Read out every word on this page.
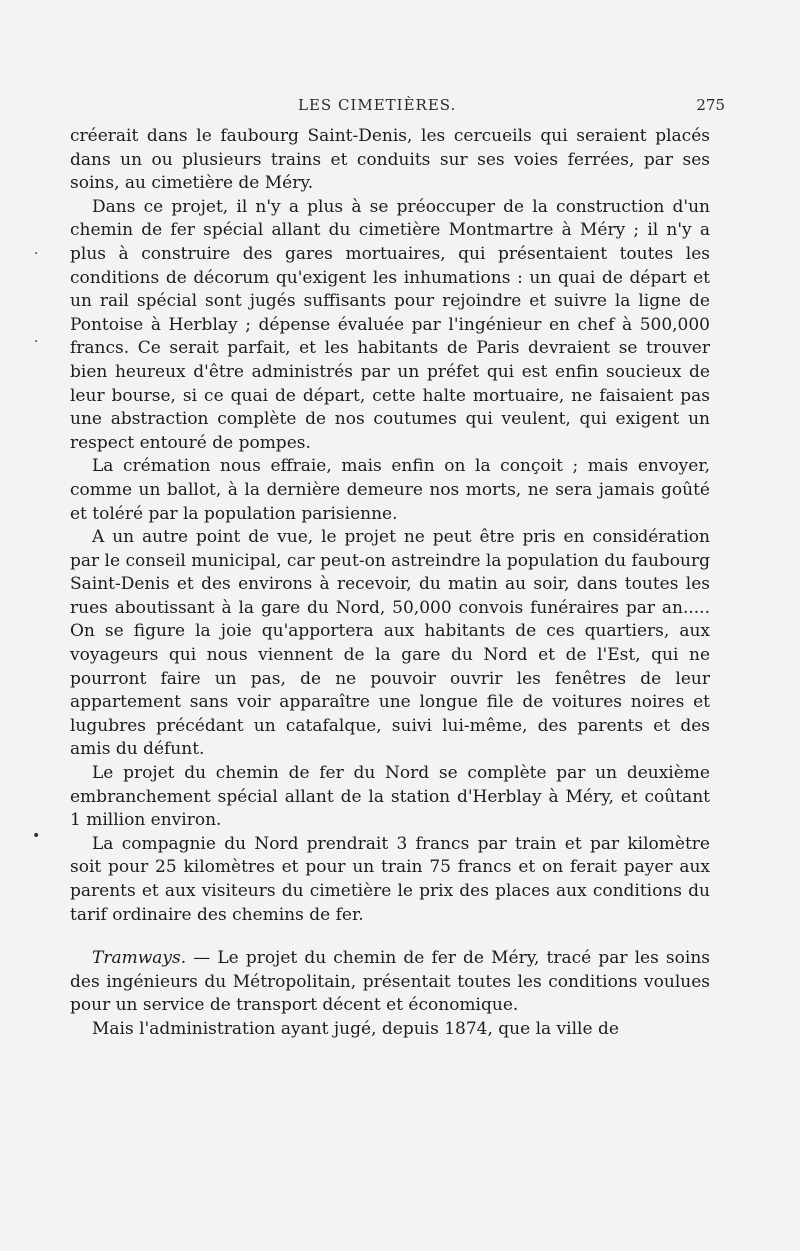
LES CIMETIÈRES.	275

créerait dans le faubourg Saint-Denis, les cercueils qui seraient placés dans un ou plusieurs trains et conduits sur ses voies ferrées, par ses soins, au cimetière de Méry.

Dans ce projet, il n'y a plus à se préoccuper de la construction d'un chemin de fer spécial allant du cimetière Montmartre à Méry ; il n'y a plus à construire des gares mortuaires, qui présentaient toutes les conditions de décorum qu'exigent les inhumations : un quai de départ et un rail spécial sont jugés suffisants pour rejoindre et suivre la ligne de Pontoise à Herblay ; dépense évaluée par l'ingénieur en chef à 500,000 francs. Ce serait parfait, et les habitants de Paris devraient se trouver bien heureux d'être administrés par un préfet qui est enfin soucieux de leur bourse, si ce quai de départ, cette halte mortuaire, ne faisaient pas une abstraction complète de nos coutumes qui veulent, qui exigent un respect entouré de pompes.

La crémation nous effraie, mais enfin on la conçoit ; mais envoyer, comme un ballot, à la dernière demeure nos morts, ne sera jamais goûté et toléré par la population parisienne.

A un autre point de vue, le projet ne peut être pris en considération par le conseil municipal, car peut-on astreindre la population du faubourg Saint-Denis et des environs à recevoir, du matin au soir, dans toutes les rues aboutissant à la gare du Nord, 50,000 convois funéraires par an..... On se figure la joie qu'apportera aux habitants de ces quartiers, aux voyageurs qui nous viennent de la gare du Nord et de l'Est, qui ne pourront faire un pas, de ne pouvoir ouvrir les fenêtres de leur appartement sans voir apparaître une longue file de voitures noires et lugubres précédant un catafalque, suivi lui-même, des parents et des amis du défunt.

Le projet du chemin de fer du Nord se complète par un deuxième embranchement spécial allant de la station d'Herblay à Méry, et coûtant 1 million environ.

La compagnie du Nord prendrait 3 francs par train et par kilomètre soit pour 25 kilomètres et pour un train 75 francs et on ferait payer aux parents et aux visiteurs du cimetière le prix des places aux conditions du tarif ordinaire des chemins de fer.

Tramways. — Le projet du chemin de fer de Méry, tracé par les soins des ingénieurs du Métropolitain, présentait toutes les conditions voulues pour un service de transport décent et économique.

Mais l'administration ayant jugé, depuis 1874, que la ville de

·
·
•
